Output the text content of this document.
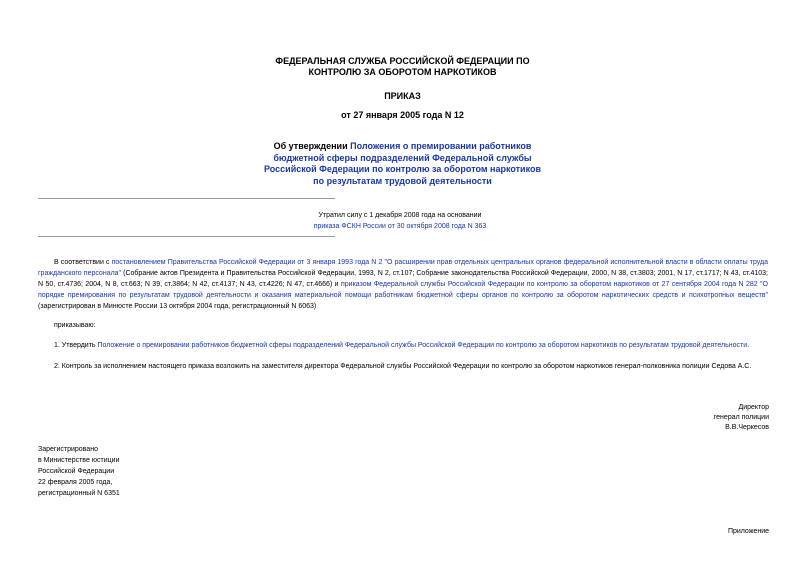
ФЕДЕРАЛЬНАЯ СЛУЖБА РОССИЙСКОЙ ФЕДЕРАЦИИ ПО
КОНТРОЛЮ ЗА ОБОРОТОМ НАРКОТИКОВ
ПРИКАЗ
от 27 января 2005 года N 12
Об утверждении Положения о премировании работников
бюджетной сферы подразделений Федеральной службы
Российской Федерации по контролю за оборотом наркотиков
по результатам трудовой деятельности
Утратил силу с 1 декабря 2008 года на основании
приказа ФСКН России от 30 октября 2008 года N 363
В соответствии с постановлением Правительства Российской Федерации от 3 января 1993 года N 2 "О расширении прав отдельных центральных органов федеральной исполнительной власти в области оплаты труда гражданского персонала" (Собрание актов Президента и Правительства Российской Федерации, 1993, N 2, ст.107; Собрание законодательства Российской Федерации, 2000, N 38, ст.3803; 2001, N 17, ст.1717; N 43, ст.4103; N 50, ст.4736; 2004, N 8, ст.663; N 39, ст.3864; N 42, ст.4137; N 43, ст.4226; N 47, ст.4666) и приказом Федеральной службы Российской Федерации по контролю за оборотом наркотиков от 27 сентября 2004 года N 282 "О порядке премирования по результатам трудовой деятельности и оказания материальной помощи работникам бюджетной сферы органов по контролю за оборотом наркотических средств и психотропных веществ" (зарегистрирован в Минюсте России 13 октября 2004 года, регистрационный N 6063)
приказываю:
1. Утвердить Положение о премировании работников бюджетной сферы подразделений Федеральной службы Российской Федерации по контролю за оборотом наркотиков по результатам трудовой деятельности.
2. Контроль за исполнением настоящего приказа возложить на заместителя директора Федеральной службы Российской Федерации по контролю за оборотом наркотиков генерал-полковника полиции Седова А.С.
Директор
генерал полиции
В.В.Черкесов
Зарегистрировано
в Министерстве юстиции
Российской Федерации
22 февраля 2005 года,
регистрационный N 6351
Приложение
